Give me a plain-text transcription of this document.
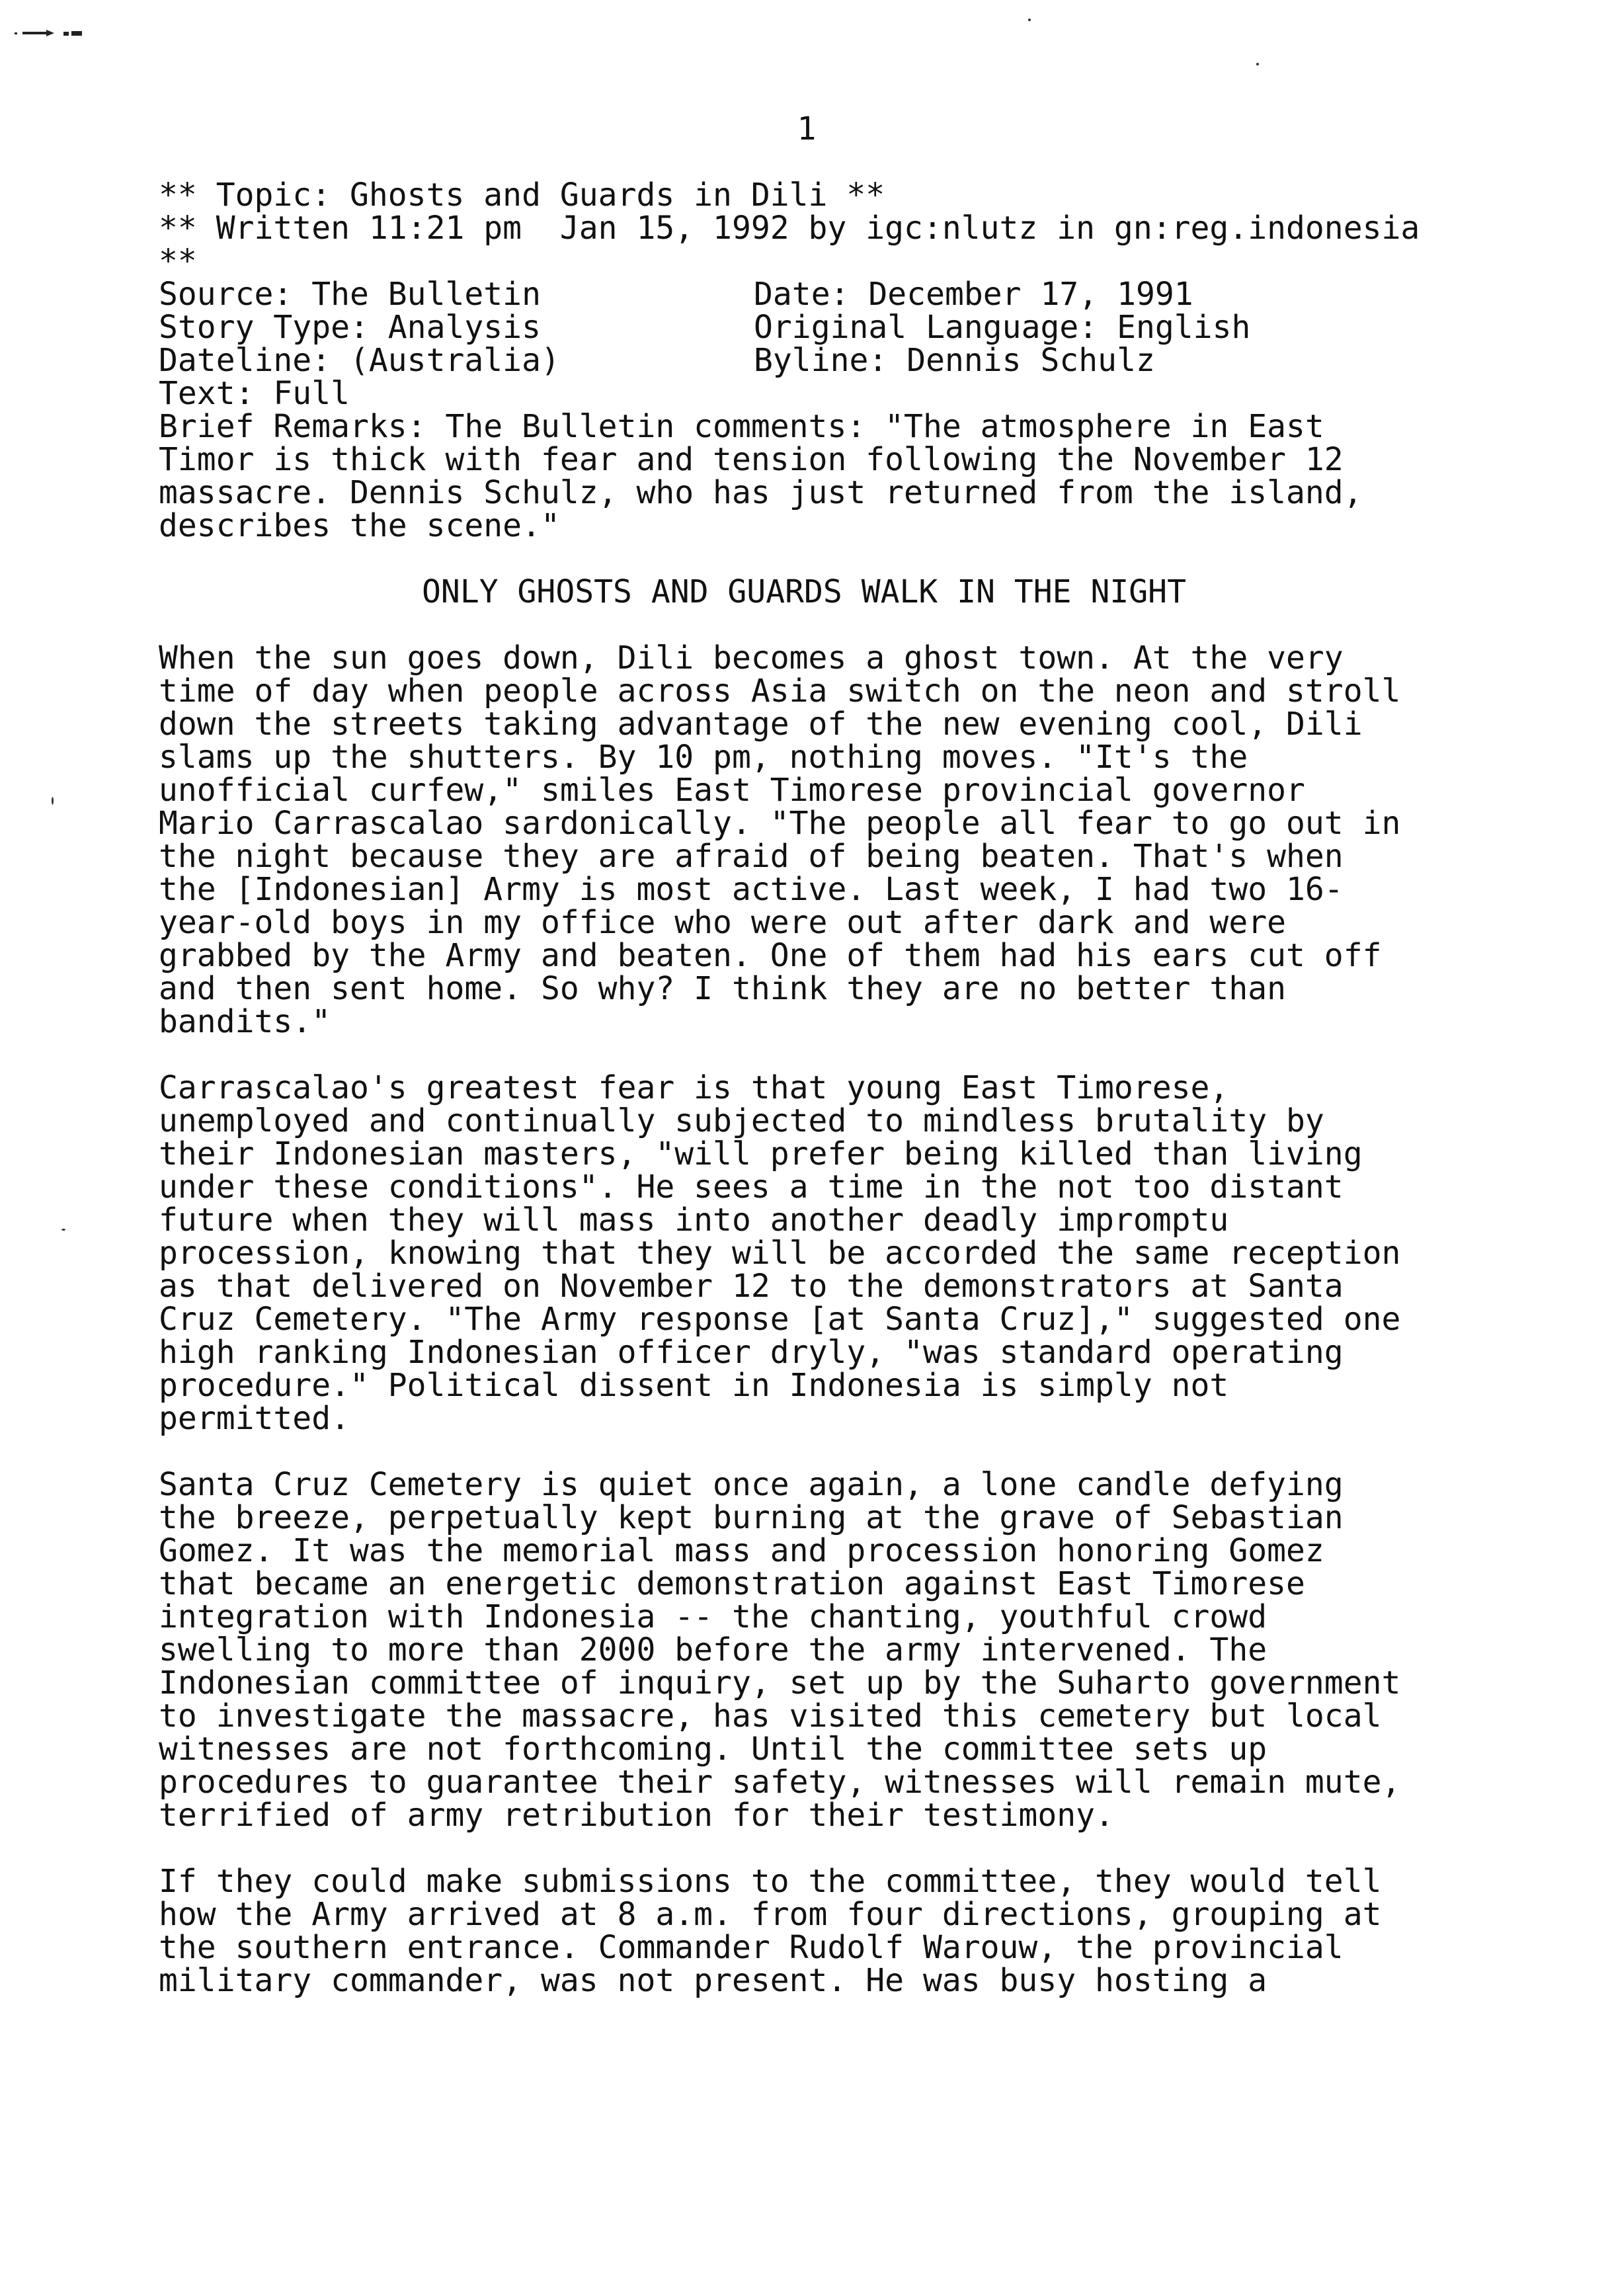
1
** Topic: Ghosts and Guards in Dili **
** Written 11:21 pm  Jan 15, 1992 by igc:nlutz in gn:reg.indonesia
**
Source: The Bulletin	Date: December 17, 1991
Story Type: Analysis	Original Language: English
Dateline: (Australia)	Byline: Dennis Schulz
Text: Full
Brief Remarks: The Bulletin comments: "The atmosphere in East
Timor is thick with fear and tension following the November 12
massacre. Dennis Schulz, who has just returned from the island,
describes the scene."
ONLY GHOSTS AND GUARDS WALK IN THE NIGHT
When the sun goes down, Dili becomes a ghost town. At the very
time of day when people across Asia switch on the neon and stroll
down the streets taking advantage of the new evening cool, Dili
slams up the shutters. By 10 pm, nothing moves. "It's the
unofficial curfew," smiles East Timorese provincial governor
Mario Carrascalao sardonically. "The people all fear to go out in
the night because they are afraid of being beaten. That's when
the [Indonesian] Army is most active. Last week, I had two 16-
year-old boys in my office who were out after dark and were
grabbed by the Army and beaten. One of them had his ears cut off
and then sent home. So why? I think they are no better than
bandits."
Carrascalao's greatest fear is that young East Timorese,
unemployed and continually subjected to mindless brutality by
their Indonesian masters, "will prefer being killed than living
under these conditions". He sees a time in the not too distant
future when they will mass into another deadly impromptu
procession, knowing that they will be accorded the same reception
as that delivered on November 12 to the demonstrators at Santa
Cruz Cemetery. "The Army response [at Santa Cruz]," suggested one
high ranking Indonesian officer dryly, "was standard operating
procedure." Political dissent in Indonesia is simply not
permitted.
Santa Cruz Cemetery is quiet once again, a lone candle defying
the breeze, perpetually kept burning at the grave of Sebastian
Gomez. It was the memorial mass and procession honoring Gomez
that became an energetic demonstration against East Timorese
integration with Indonesia -- the chanting, youthful crowd
swelling to more than 2000 before the army intervened. The
Indonesian committee of inquiry, set up by the Suharto government
to investigate the massacre, has visited this cemetery but local
witnesses are not forthcoming. Until the committee sets up
procedures to guarantee their safety, witnesses will remain mute,
terrified of army retribution for their testimony.
If they could make submissions to the committee, they would tell
how the Army arrived at 8 a.m. from four directions, grouping at
the southern entrance. Commander Rudolf Warouw, the provincial
military commander, was not present. He was busy hosting a
